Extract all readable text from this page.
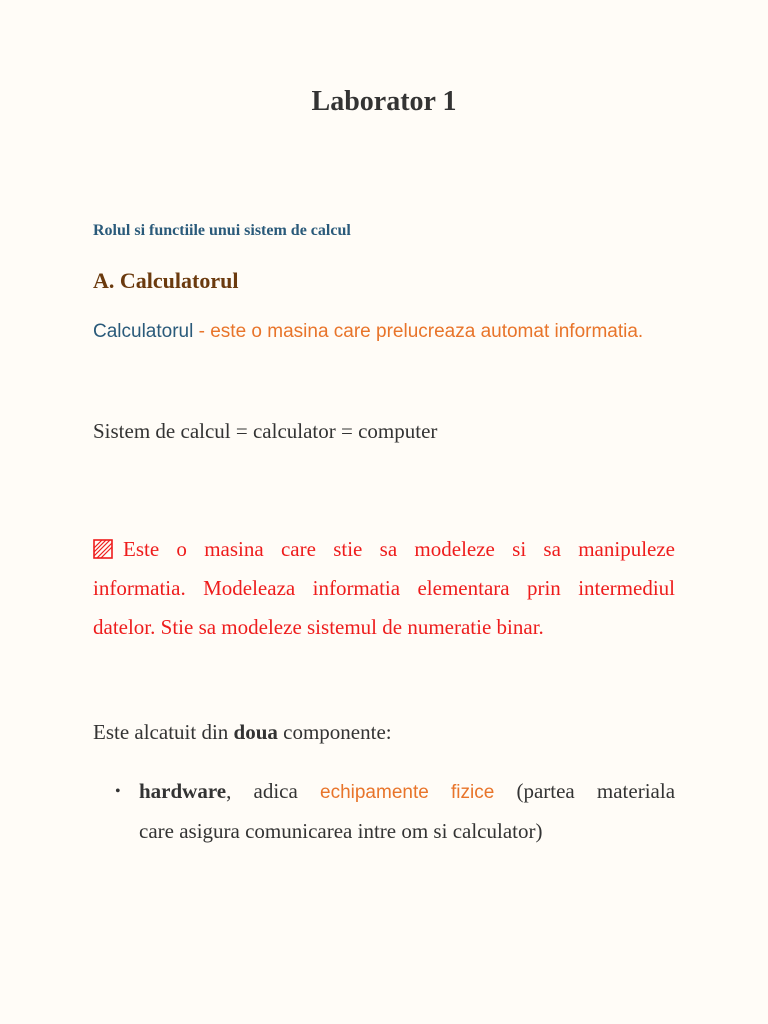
Laborator 1
Rolul si functiile unui sistem de calcul
A. Calculatorul
Calculatorul - este o masina care prelucreaza automat informatia.
Sistem de calcul = calculator = computer
Este o masina care stie sa modeleze si sa manipuleze
informatia. Modeleaza informatia elementara prin intermediul datelor. Stie sa modeleze sistemul de numeratie binar.
Este alcatuit din doua componente:
• hardware, adica echipamente fizice (partea materiala
care asigura comunicarea intre om si calculator)
